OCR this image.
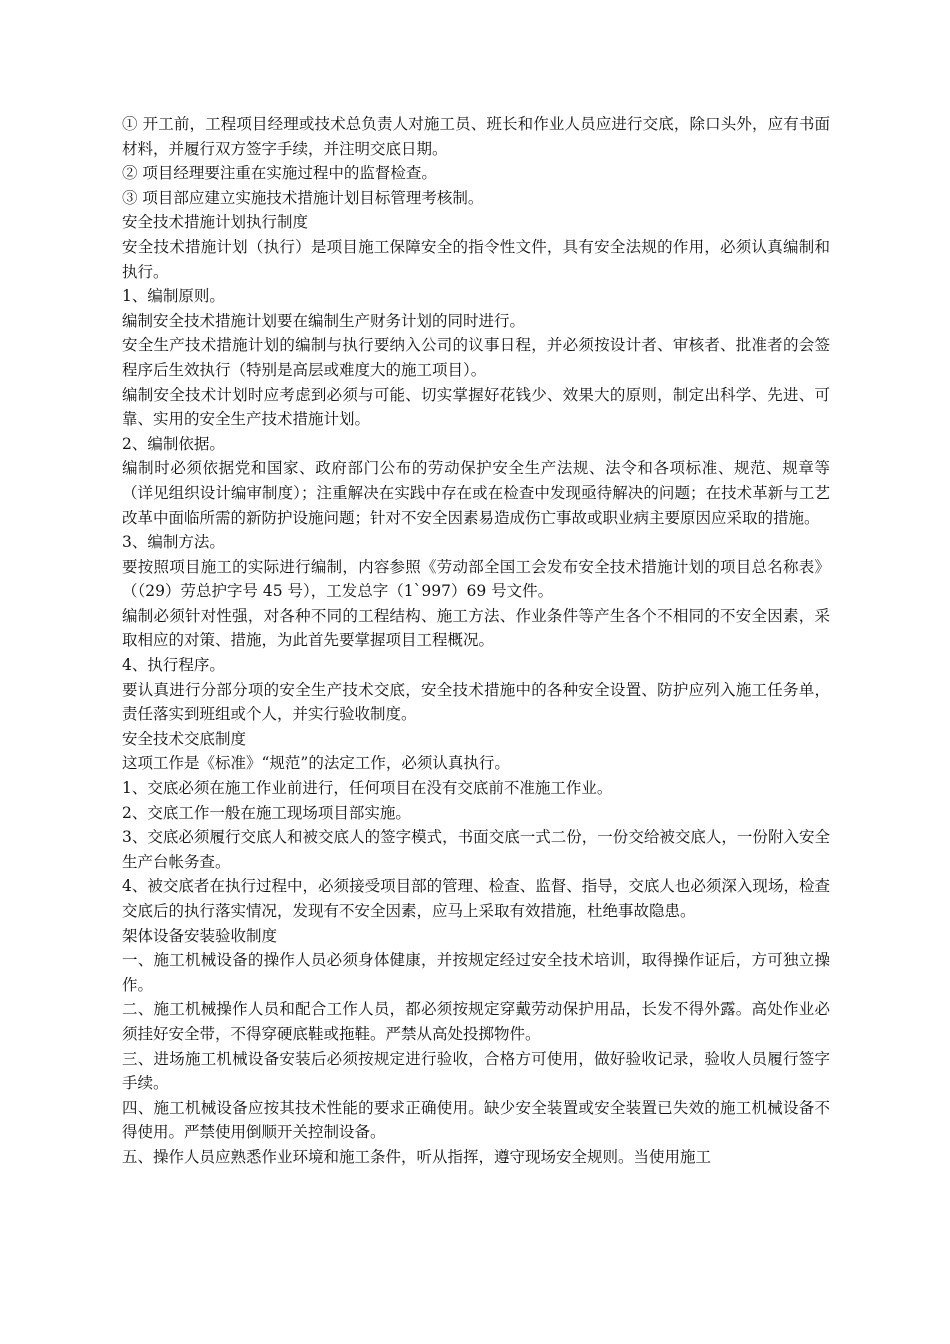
① 开工前，工程项目经理或技术总负责人对施工员、班长和作业人员应进行交底，除口头外，应有书面材料，并履行双方签字手续，并注明交底日期。

② 项目经理要注重在实施过程中的监督检查。

③ 项目部应建立实施技术措施计划目标管理考核制。

安全技术措施计划执行制度

安全技术措施计划（执行）是项目施工保障安全的指令性文件，具有安全法规的作用，必须认真编制和执行。

1、编制原则。

编制安全技术措施计划要在编制生产财务计划的同时进行。

安全生产技术措施计划的编制与执行要纳入公司的议事日程，并必须按设计者、审核者、批准者的会签程序后生效执行（特别是高层或难度大的施工项目）。

编制安全技术计划时应考虑到必须与可能、切实掌握好花钱少、效果大的原则，制定出科学、先进、可靠、实用的安全生产技术措施计划。

2、编制依据。

编制时必须依据党和国家、政府部门公布的劳动保护安全生产法规、法令和各项标准、规范、规章等（详见组织设计编审制度）；注重解决在实践中存在或在检查中发现亟待解决的问题；在技术革新与工艺改革中面临所需的新防护设施问题；针对不安全因素易造成伤亡事故或职业病主要原因应采取的措施。

3、编制方法。

要按照项目施工的实际进行编制，内容参照《劳动部全国工会发布安全技术措施计划的项目总名称表》（（29）劳总护字号 45 号），工发总字（1`997）69 号文件。

编制必须针对性强，对各种不同的工程结构、施工方法、作业条件等产生各个不相同的不安全因素，采取相应的对策、措施，为此首先要掌握项目工程概况。

4、执行程序。

要认真进行分部分项的安全生产技术交底，安全技术措施中的各种安全设置、防护应列入施工任务单，责任落实到班组或个人，并实行验收制度。

安全技术交底制度

这项工作是《标准》“规范”的法定工作，必须认真执行。

1、交底必须在施工作业前进行，任何项目在没有交底前不准施工作业。

2、交底工作一般在施工现场项目部实施。

3、交底必须履行交底人和被交底人的签字模式，书面交底一式二份，一份交给被交底人，一份附入安全生产台帐务查。

4、被交底者在执行过程中，必须接受项目部的管理、检查、监督、指导，交底人也必须深入现场，检查交底后的执行落实情况，发现有不安全因素，应马上采取有效措施，杜绝事故隐患。

架体设备安装验收制度

一、施工机械设备的操作人员必须身体健康，并按规定经过安全技术培训，取得操作证后，方可独立操作。

二、施工机械操作人员和配合工作人员，都必须按规定穿戴劳动保护用品，长发不得外露。高处作业必须挂好安全带，不得穿硬底鞋或拖鞋。严禁从高处投掷物件。

三、进场施工机械设备安装后必须按规定进行验收，合格方可使用，做好验收记录，验收人员履行签字手续。

四、施工机械设备应按其技术性能的要求正确使用。缺少安全装置或安全装置已失效的施工机械设备不得使用。严禁使用倒顺开关控制设备。

五、操作人员应熟悉作业环境和施工条件，听从指挥，遵守现场安全规则。当使用施工
